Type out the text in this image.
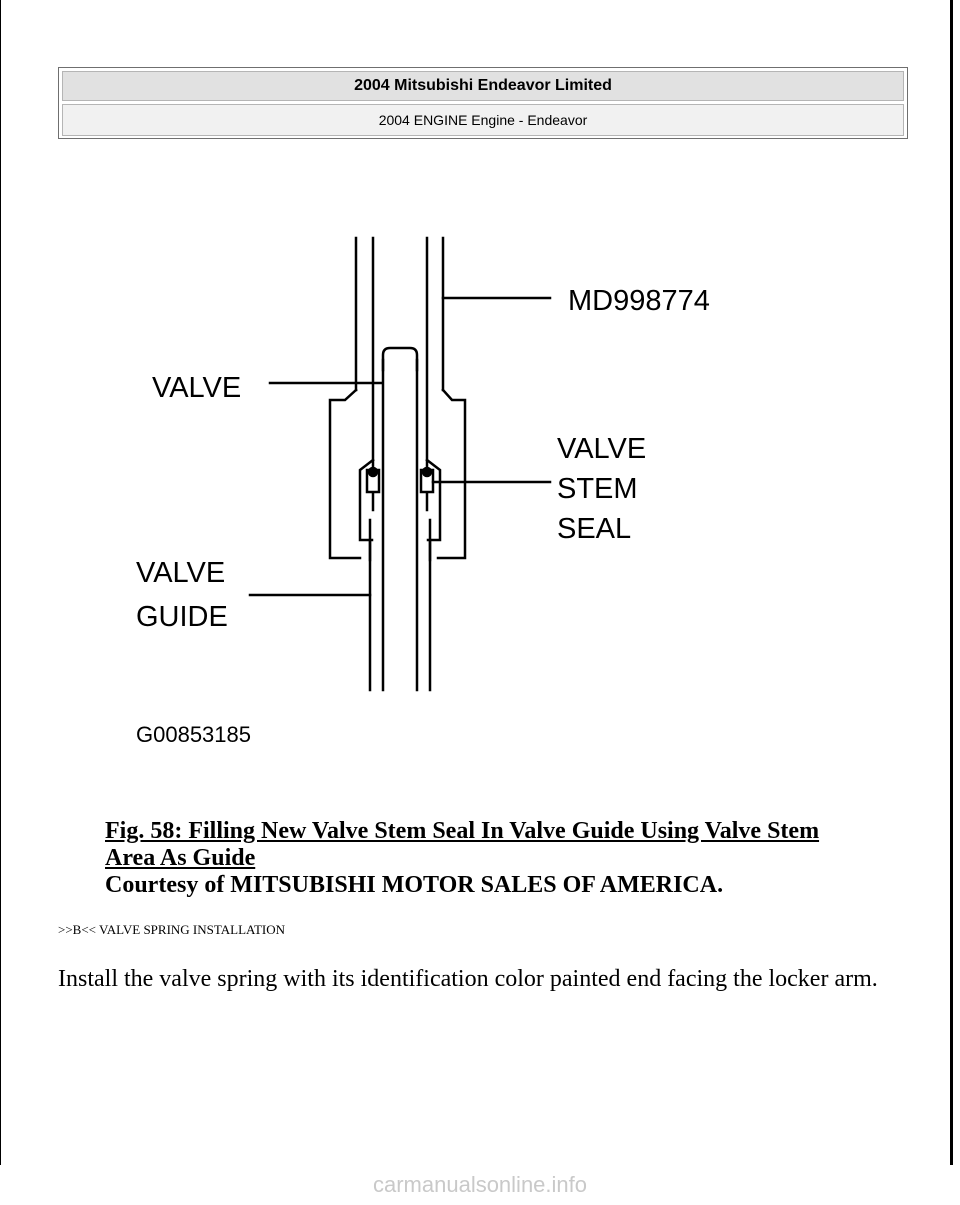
2004 Mitsubishi Endeavor Limited
2004 ENGINE Engine - Endeavor
MD998774
VALVE
VALVE
STEM
SEAL
VALVE
GUIDE
G00853185
Fig. 58: Filling New Valve Stem Seal In Valve Guide Using Valve Stem
Area As Guide
Courtesy of MITSUBISHI MOTOR SALES OF AMERICA.
>>B<< VALVE SPRING INSTALLATION
Install the valve spring with its identification color painted end facing the locker arm.
carmanualsonline.info
